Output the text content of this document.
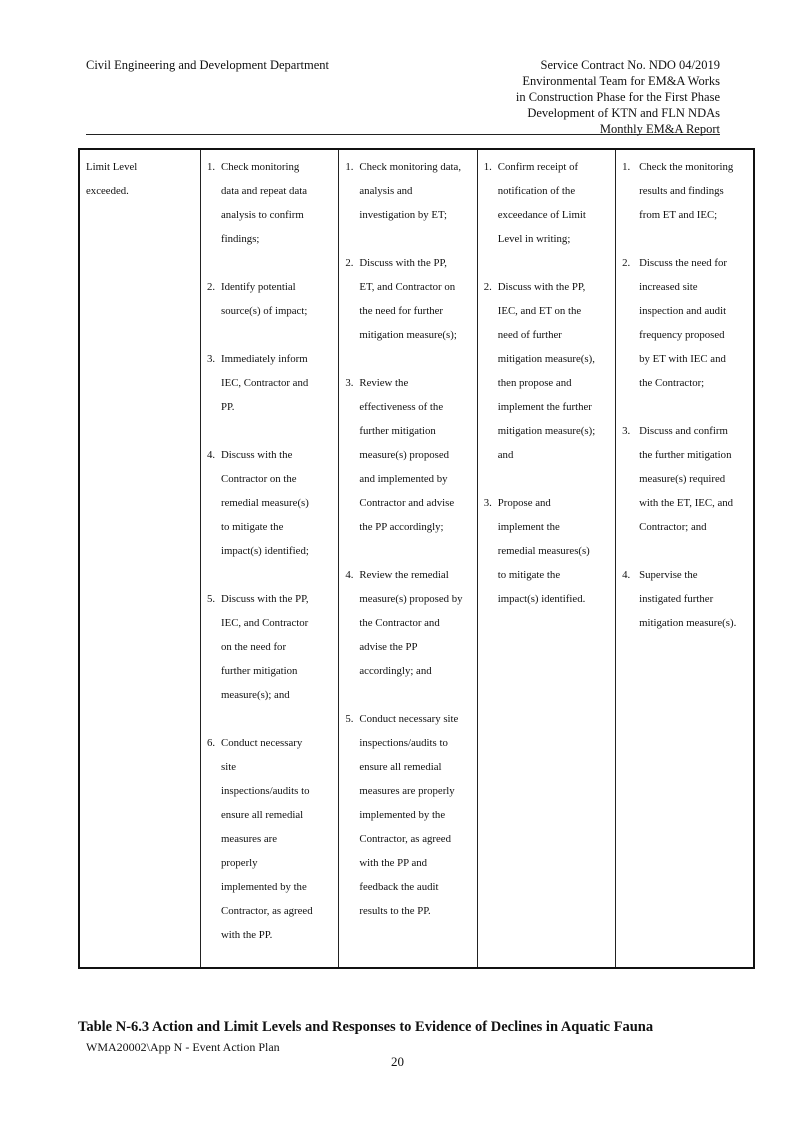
Civil Engineering and Development Department	Service Contract No. NDO 04/2019
Environmental Team for EM&A Works
in Construction Phase for the First Phase
Development of KTN and FLN NDAs
Monthly EM&A Report
Limit Level
exceeded.

1. Check monitoring
data and repeat data
analysis to confirm
findings;
2. Identify potential
source(s) of impact;
3. Immediately inform
IEC, Contractor and
PP.
4. Discuss with the
Contractor on the
remedial measure(s)
to mitigate the
impact(s) identified;
5. Discuss with the PP,
IEC, and Contractor
on the need for
further mitigation
measure(s); and
6. Conduct necessary
site
inspections/audits to
ensure all remedial
measures are
properly
implemented by the
Contractor, as agreed
with the PP.

1. Check monitoring data,
analysis and
investigation by ET;
2. Discuss with the PP,
ET, and Contractor on
the need for further
mitigation measure(s);
3. Review the
effectiveness of the
further mitigation
measure(s) proposed
and implemented by
Contractor and advise
the PP accordingly;
4. Review the remedial
measure(s) proposed by
the Contractor and
advise the PP
accordingly; and
5. Conduct necessary site
inspections/audits to
ensure all remedial
measures are properly
implemented by the
Contractor, as agreed
with the PP and
feedback the audit
results to the PP.

1. Confirm receipt of
notification of the
exceedance of Limit
Level in writing;
2. Discuss with the PP,
IEC, and ET on the
need of further
mitigation measure(s),
then propose and
implement the further
mitigation measure(s);
and
3. Propose and
implement the
remedial measures(s)
to mitigate the
impact(s) identified.

1. Check the monitoring
results and findings
from ET and IEC;
2. Discuss the need for
increased site
inspection and audit
frequency proposed
by ET with IEC and
the Contractor;
3. Discuss and confirm
the further mitigation
measure(s) required
with the ET, IEC, and
Contractor; and
4. Supervise the
instigated further
mitigation measure(s).
Table N-6.3 Action and Limit Levels and Responses to Evidence of Declines in Aquatic Fauna
WMA20002\App N - Event Action Plan
20
